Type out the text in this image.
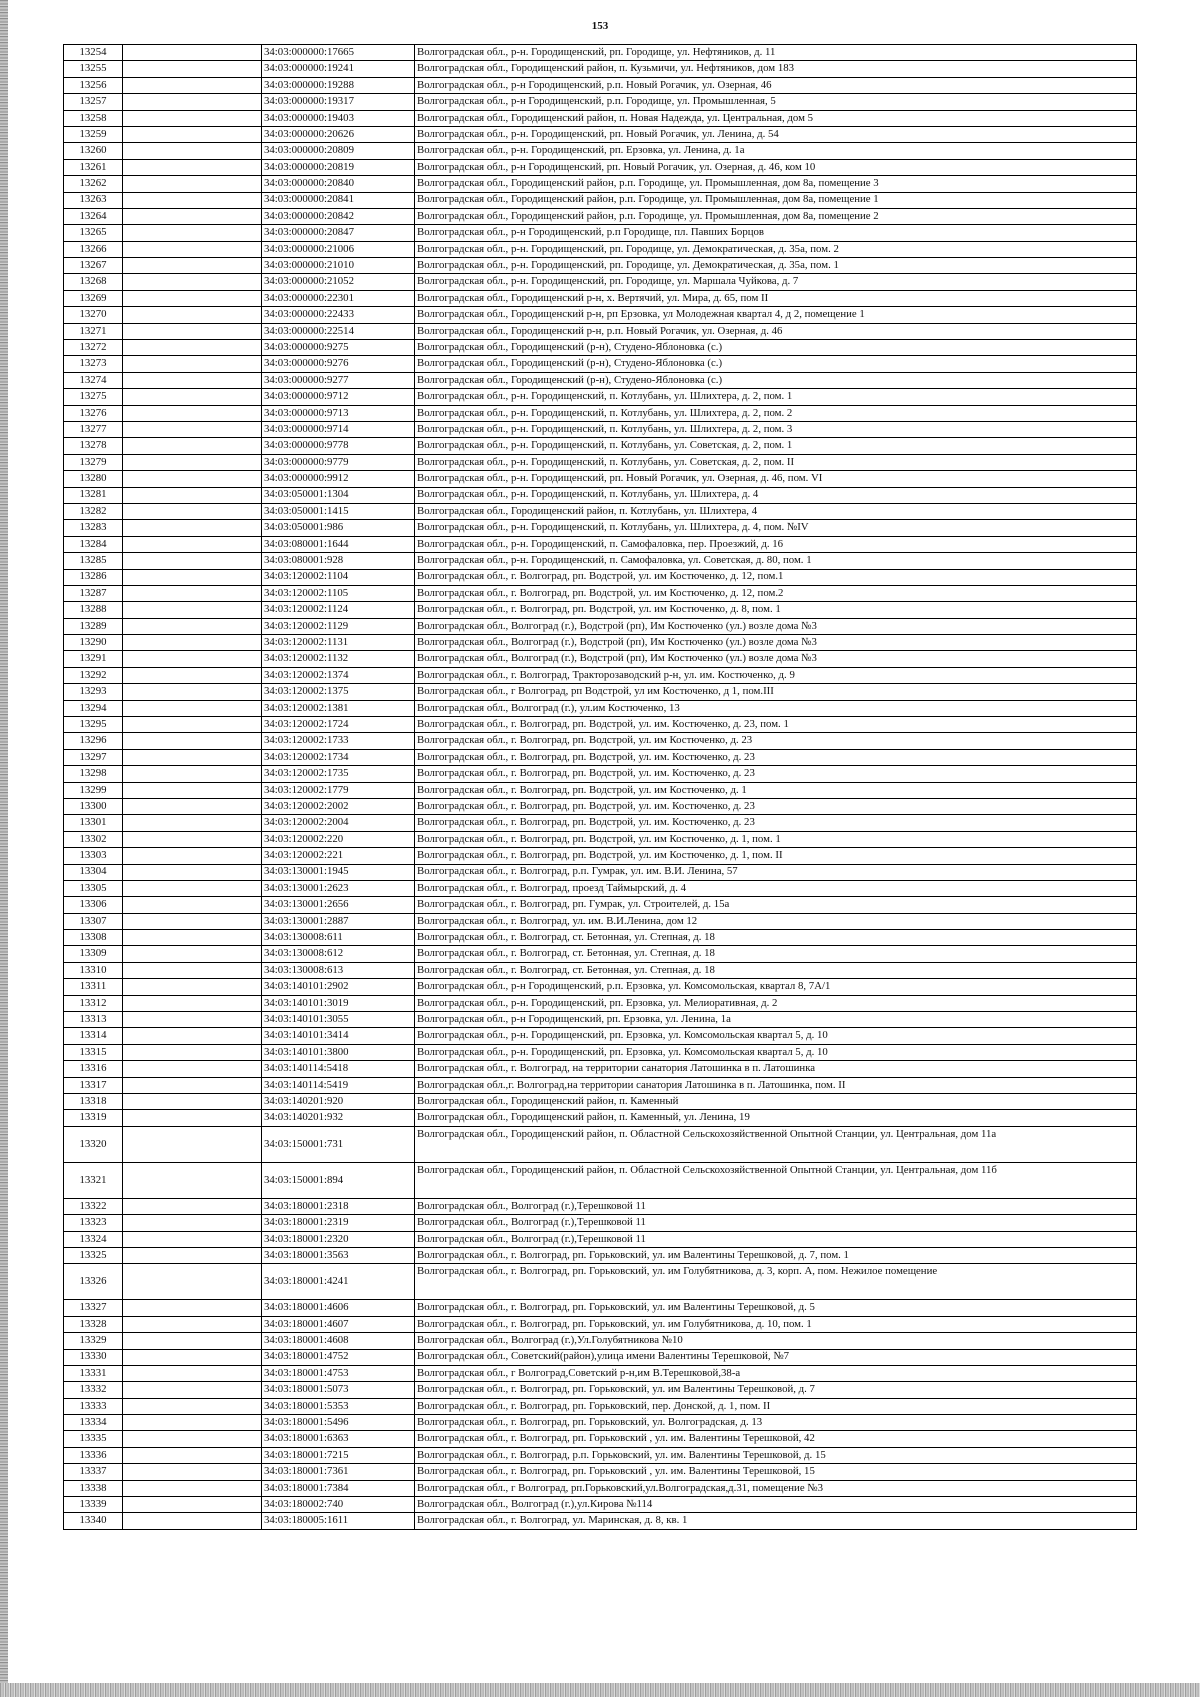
153
13254		34:03:000000:17665	Волгоградская обл., р-н. Городищенский, рп. Городище, ул. Нефтяников, д. 11
13255		34:03:000000:19241	Волгоградская обл., Городищенский район, п. Кузьмичи, ул. Нефтяников, дом 183
13256		34:03:000000:19288	Волгоградская обл., р-н Городищенский, р.п. Новый Рогачик, ул. Озерная, 46
13257		34:03:000000:19317	Волгоградская обл., р-н Городищенский, р.п. Городище, ул. Промышленная, 5
13258		34:03:000000:19403	Волгоградская обл., Городищенский район, п. Новая Надежда, ул. Центральная, дом 5
13259		34:03:000000:20626	Волгоградская обл., р-н. Городищенский, рп. Новый Рогачик, ул. Ленина, д. 54
13260		34:03:000000:20809	Волгоградская обл., р-н. Городищенский, рп. Ерзовка, ул. Ленина, д. 1а
13261		34:03:000000:20819	Волгоградская обл., р-н Городищенский, рп. Новый Рогачик, ул. Озерная, д. 46, ком 10
13262		34:03:000000:20840	Волгоградская обл., Городищенский район, р.п. Городище, ул. Промышленная, дом 8а, помещение 3
13263		34:03:000000:20841	Волгоградская обл., Городищенский район, р.п. Городище, ул. Промышленная, дом 8а, помещение 1
13264		34:03:000000:20842	Волгоградская обл., Городищенский район, р.п. Городище, ул. Промышленная, дом 8а, помещение 2
13265		34:03:000000:20847	Волгоградская обл., р-н Городищенский, р.п Городище, пл. Павших Борцов
13266		34:03:000000:21006	Волгоградская обл., р-н. Городищенский, рп. Городище, ул. Демократическая, д. 35а, пом. 2
13267		34:03:000000:21010	Волгоградская обл., р-н. Городищенский, рп. Городище, ул. Демократическая, д. 35а, пом. 1
13268		34:03:000000:21052	Волгоградская обл., р-н. Городищенский, рп. Городище, ул. Маршала Чуйкова, д. 7
13269		34:03:000000:22301	Волгоградская обл., Городищенский р-н, х. Вертячий, ул. Мира, д. 65, пом II
13270		34:03:000000:22433	Волгоградская обл., Городищенский р-н, рп Ерзовка, ул Молодежная квартал 4, д 2, помещение 1
13271		34:03:000000:22514	Волгоградская обл., Городищенский р-н, р.п. Новый Рогачик, ул. Озерная, д. 46
13272		34:03:000000:9275	Волгоградская обл., Городищенский (р-н), Студено-Яблоновка (с.)
13273		34:03:000000:9276	Волгоградская обл., Городищенский (р-н), Студено-Яблоновка (с.)
13274		34:03:000000:9277	Волгоградская обл., Городищенский (р-н), Студено-Яблоновка (с.)
13275		34:03:000000:9712	Волгоградская обл., р-н. Городищенский, п. Котлубань, ул. Шлихтера, д. 2, пом. 1
13276		34:03:000000:9713	Волгоградская обл., р-н. Городищенский, п. Котлубань, ул. Шлихтера, д. 2, пом. 2
13277		34:03:000000:9714	Волгоградская обл., р-н. Городищенский, п. Котлубань, ул. Шлихтера, д. 2, пом. 3
13278		34:03:000000:9778	Волгоградская обл., р-н. Городищенский, п. Котлубань, ул. Советская, д. 2, пом. 1
13279		34:03:000000:9779	Волгоградская обл., р-н. Городищенский, п. Котлубань, ул. Советская, д. 2, пом. II
13280		34:03:000000:9912	Волгоградская обл., р-н. Городищенский, рп. Новый Рогачик, ул. Озерная, д. 46, пом. VI
13281		34:03:050001:1304	Волгоградская обл., р-н. Городищенский, п. Котлубань, ул. Шлихтера, д. 4
13282		34:03:050001:1415	Волгоградская обл., Городищенский район, п. Котлубань, ул. Шлихтера, 4
13283		34:03:050001:986	Волгоградская обл., р-н. Городищенский, п. Котлубань, ул. Шлихтера, д. 4, пом. №IV
13284		34:03:080001:1644	Волгоградская обл., р-н. Городищенский, п. Самофаловка, пер. Проезжий, д. 16
13285		34:03:080001:928	Волгоградская обл., р-н. Городищенский, п. Самофаловка, ул. Советская, д. 80, пом. 1
13286		34:03:120002:1104	Волгоградская обл., г. Волгоград, рп. Водстрой, ул. им Костюченко, д. 12, пом.1
13287		34:03:120002:1105	Волгоградская обл., г. Волгоград, рп. Водстрой, ул. им Костюченко, д. 12, пом.2
13288		34:03:120002:1124	Волгоградская обл., г. Волгоград, рп. Водстрой, ул. им Костюченко, д. 8, пом. 1
13289		34:03:120002:1129	Волгоградская обл., Волгоград (г.), Водстрой (рп), Им Костюченко (ул.) возле дома №3
13290		34:03:120002:1131	Волгоградская обл., Волгоград (г.), Водстрой (рп), Им Костюченко (ул.) возле дома №3
13291		34:03:120002:1132	Волгоградская обл., Волгоград (г.), Водстрой (рп), Им Костюченко (ул.) возле дома №3
13292		34:03:120002:1374	Волгоградская обл., г. Волгоград, Тракторозаводский р-н, ул. им. Костюченко, д. 9
13293		34:03:120002:1375	Волгоградская обл., г Волгоград, рп Водстрой, ул им Костюченко, д 1, пом.III
13294		34:03:120002:1381	Волгоградская обл., Волгоград (г.), ул.им Костюченко, 13
13295		34:03:120002:1724	Волгоградская обл., г. Волгоград, рп. Водстрой, ул. им. Костюченко, д. 23, пом. 1
13296		34:03:120002:1733	Волгоградская обл., г. Волгоград, рп. Водстрой, ул. им Костюченко, д. 23
13297		34:03:120002:1734	Волгоградская обл., г. Волгоград, рп. Водстрой, ул. им. Костюченко, д. 23
13298		34:03:120002:1735	Волгоградская обл., г. Волгоград, рп. Водстрой, ул. им. Костюченко, д. 23
13299		34:03:120002:1779	Волгоградская обл., г. Волгоград, рп. Водстрой, ул. им Костюченко, д. 1
13300		34:03:120002:2002	Волгоградская обл., г. Волгоград, рп. Водстрой, ул. им. Костюченко, д. 23
13301		34:03:120002:2004	Волгоградская обл., г. Волгоград, рп. Водстрой, ул. им. Костюченко, д. 23
13302		34:03:120002:220	Волгоградская обл., г. Волгоград, рп. Водстрой, ул. им Костюченко, д. 1, пом. 1
13303		34:03:120002:221	Волгоградская обл., г. Волгоград, рп. Водстрой, ул. им Костюченко, д. 1, пом. II
13304		34:03:130001:1945	Волгоградская обл., г. Волгоград, р.п. Гумрак, ул. им. В.И. Ленина, 57
13305		34:03:130001:2623	Волгоградская обл., г. Волгоград, проезд Таймырский, д. 4
13306		34:03:130001:2656	Волгоградская обл., г. Волгоград, рп. Гумрак, ул. Строителей, д. 15а
13307		34:03:130001:2887	Волгоградская обл., г. Волгоград, ул. им. В.И.Ленина, дом 12
13308		34:03:130008:611	Волгоградская обл., г. Волгоград, ст. Бетонная, ул. Степная, д. 18
13309		34:03:130008:612	Волгоградская обл., г. Волгоград, ст. Бетонная, ул. Степная, д. 18
13310		34:03:130008:613	Волгоградская обл., г. Волгоград, ст. Бетонная, ул. Степная, д. 18
13311		34:03:140101:2902	Волгоградская обл., р-н Городищенский, р.п. Ерзовка, ул. Комсомольская, квартал 8, 7А/1
13312		34:03:140101:3019	Волгоградская обл., р-н. Городищенский, рп. Ерзовка, ул. Мелиоративная, д. 2
13313		34:03:140101:3055	Волгоградская обл., р-н Городищенский, рп. Ерзовка, ул. Ленина, 1а
13314		34:03:140101:3414	Волгоградская обл., р-н. Городищенский, рп. Ерзовка, ул. Комсомольская квартал 5, д. 10
13315		34:03:140101:3800	Волгоградская обл., р-н. Городищенский, рп. Ерзовка, ул. Комсомольская квартал 5, д. 10
13316		34:03:140114:5418	Волгоградская обл., г. Волгоград, на территории санатория Латошинка в п. Латошинка
13317		34:03:140114:5419	Волгоградская обл.,г. Волгоград,на территории санатория Латошинка в п. Латошинка, пом. II
13318		34:03:140201:920	Волгоградская обл., Городищенский район, п. Каменный
13319		34:03:140201:932	Волгоградская обл., Городищенский район, п. Каменный, ул. Ленина, 19
13320		34:03:150001:731	Волгоградская обл., Городищенский район, п. Областной Сельскохозяйственной Опытной Станции, ул. Центральная, дом 11а
13321		34:03:150001:894	Волгоградская обл., Городищенский район, п. Областной Сельскохозяйственной Опытной Станции, ул. Центральная, дом 11б
13322		34:03:180001:2318	Волгоградская обл., Волгоград (г.),Терешковой 11
13323		34:03:180001:2319	Волгоградская обл., Волгоград (г.),Терешковой 11
13324		34:03:180001:2320	Волгоградская обл., Волгоград (г.),Терешковой 11
13325		34:03:180001:3563	Волгоградская обл., г. Волгоград, рп. Горьковский, ул. им Валентины Терешковой, д. 7, пом. 1
13326		34:03:180001:4241	Волгоградская обл., г. Волгоград, рп. Горьковский, ул. им Голубятникова, д. 3, корп. А, пом. Нежилое помещение
13327		34:03:180001:4606	Волгоградская обл., г. Волгоград, рп. Горьковский, ул. им Валентины Терешковой, д. 5
13328		34:03:180001:4607	Волгоградская обл., г. Волгоград, рп. Горьковский, ул. им Голубятникова, д. 10, пом. 1
13329		34:03:180001:4608	Волгоградская обл., Волгоград (г.),Ул.Голубятникова №10
13330		34:03:180001:4752	Волгоградская обл., Советский(район),улица имени Валентины Терешковой, №7
13331		34:03:180001:4753	Волгоградская обл., г Волгоград,Советский р-н,им В.Терешковой,38-а
13332		34:03:180001:5073	Волгоградская обл., г. Волгоград, рп. Горьковский, ул. им Валентины Терешковой, д. 7
13333		34:03:180001:5353	Волгоградская обл., г. Волгоград, рп. Горьковский, пер. Донской, д. 1, пом. II
13334		34:03:180001:5496	Волгоградская обл., г. Волгоград, рп. Горьковский, ул. Волгоградская, д. 13
13335		34:03:180001:6363	Волгоградская обл., г. Волгоград, рп. Горьковский , ул. им. Валентины Терешковой, 42
13336		34:03:180001:7215	Волгоградская обл., г. Волгоград, р.п. Горьковский, ул. им. Валентины Терешковой, д. 15
13337		34:03:180001:7361	Волгоградская обл., г. Волгоград, рп. Горьковский , ул. им. Валентины Терешковой, 15
13338		34:03:180001:7384	Волгоградская обл., г Волгоград, рп.Горьковский,ул.Волгоградская,д.31, помещение №3
13339		34:03:180002:740	Волгоградская обл., Волгоград (г.),ул.Кирова №114
13340		34:03:180005:1611	Волгоградская обл., г. Волгоград, ул. Маринская, д. 8, кв. 1
